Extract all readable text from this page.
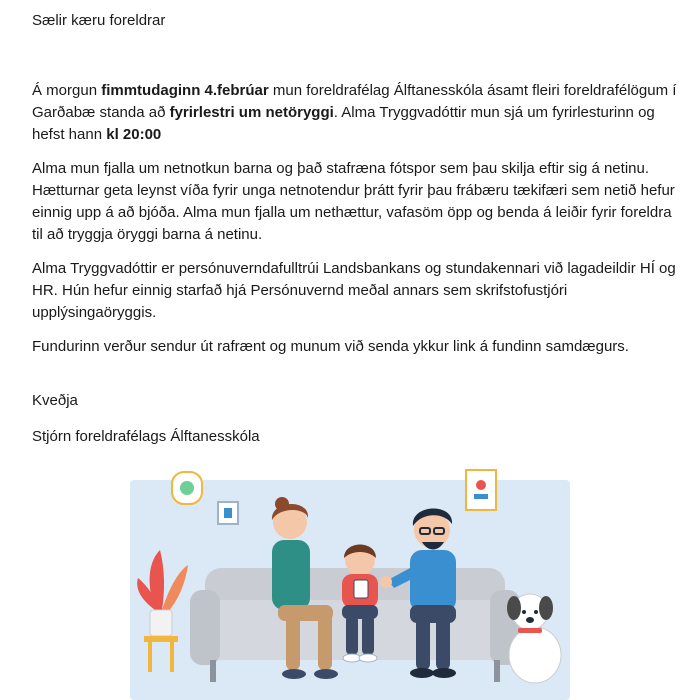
Sælir kæru foreldrar

Á morgun fimmtudaginn 4.febrúar mun foreldrafélag Álftanesskóla ásamt fleiri foreldrafélögum í Garðabæ standa að fyrirlestri um netöryggi. Alma Tryggvadóttir mun sjá um fyrirlesturinn og hefst hann kl 20:00

Alma mun fjalla um netnotkun barna og það stafræna fótspor sem þau skilja eftir sig á netinu. Hætturnar geta leynst víða fyrir unga netnotendur þrátt fyrir þau frábæru tækifæri sem netið hefur einnig upp á að bjóða. Alma mun fjalla um nethættur, vafasöm öpp og benda á leiðir fyrir foreldra til að tryggja öryggi barna á netinu.

Alma Tryggvadóttir er persónuverndafulltrúi Landsbankans og stundakennari við lagadeildir HÍ og HR. Hún hefur einnig starfað hjá Persónuvernd meðal annars sem skrifstofustjóri upplýsingaöryggis.

Fundurinn verður sendur út rafrænt og munum við senda ykkur link á fundinn samdægurs.

Kveðja

Stjórn foreldrafélags Álftanesskóla
